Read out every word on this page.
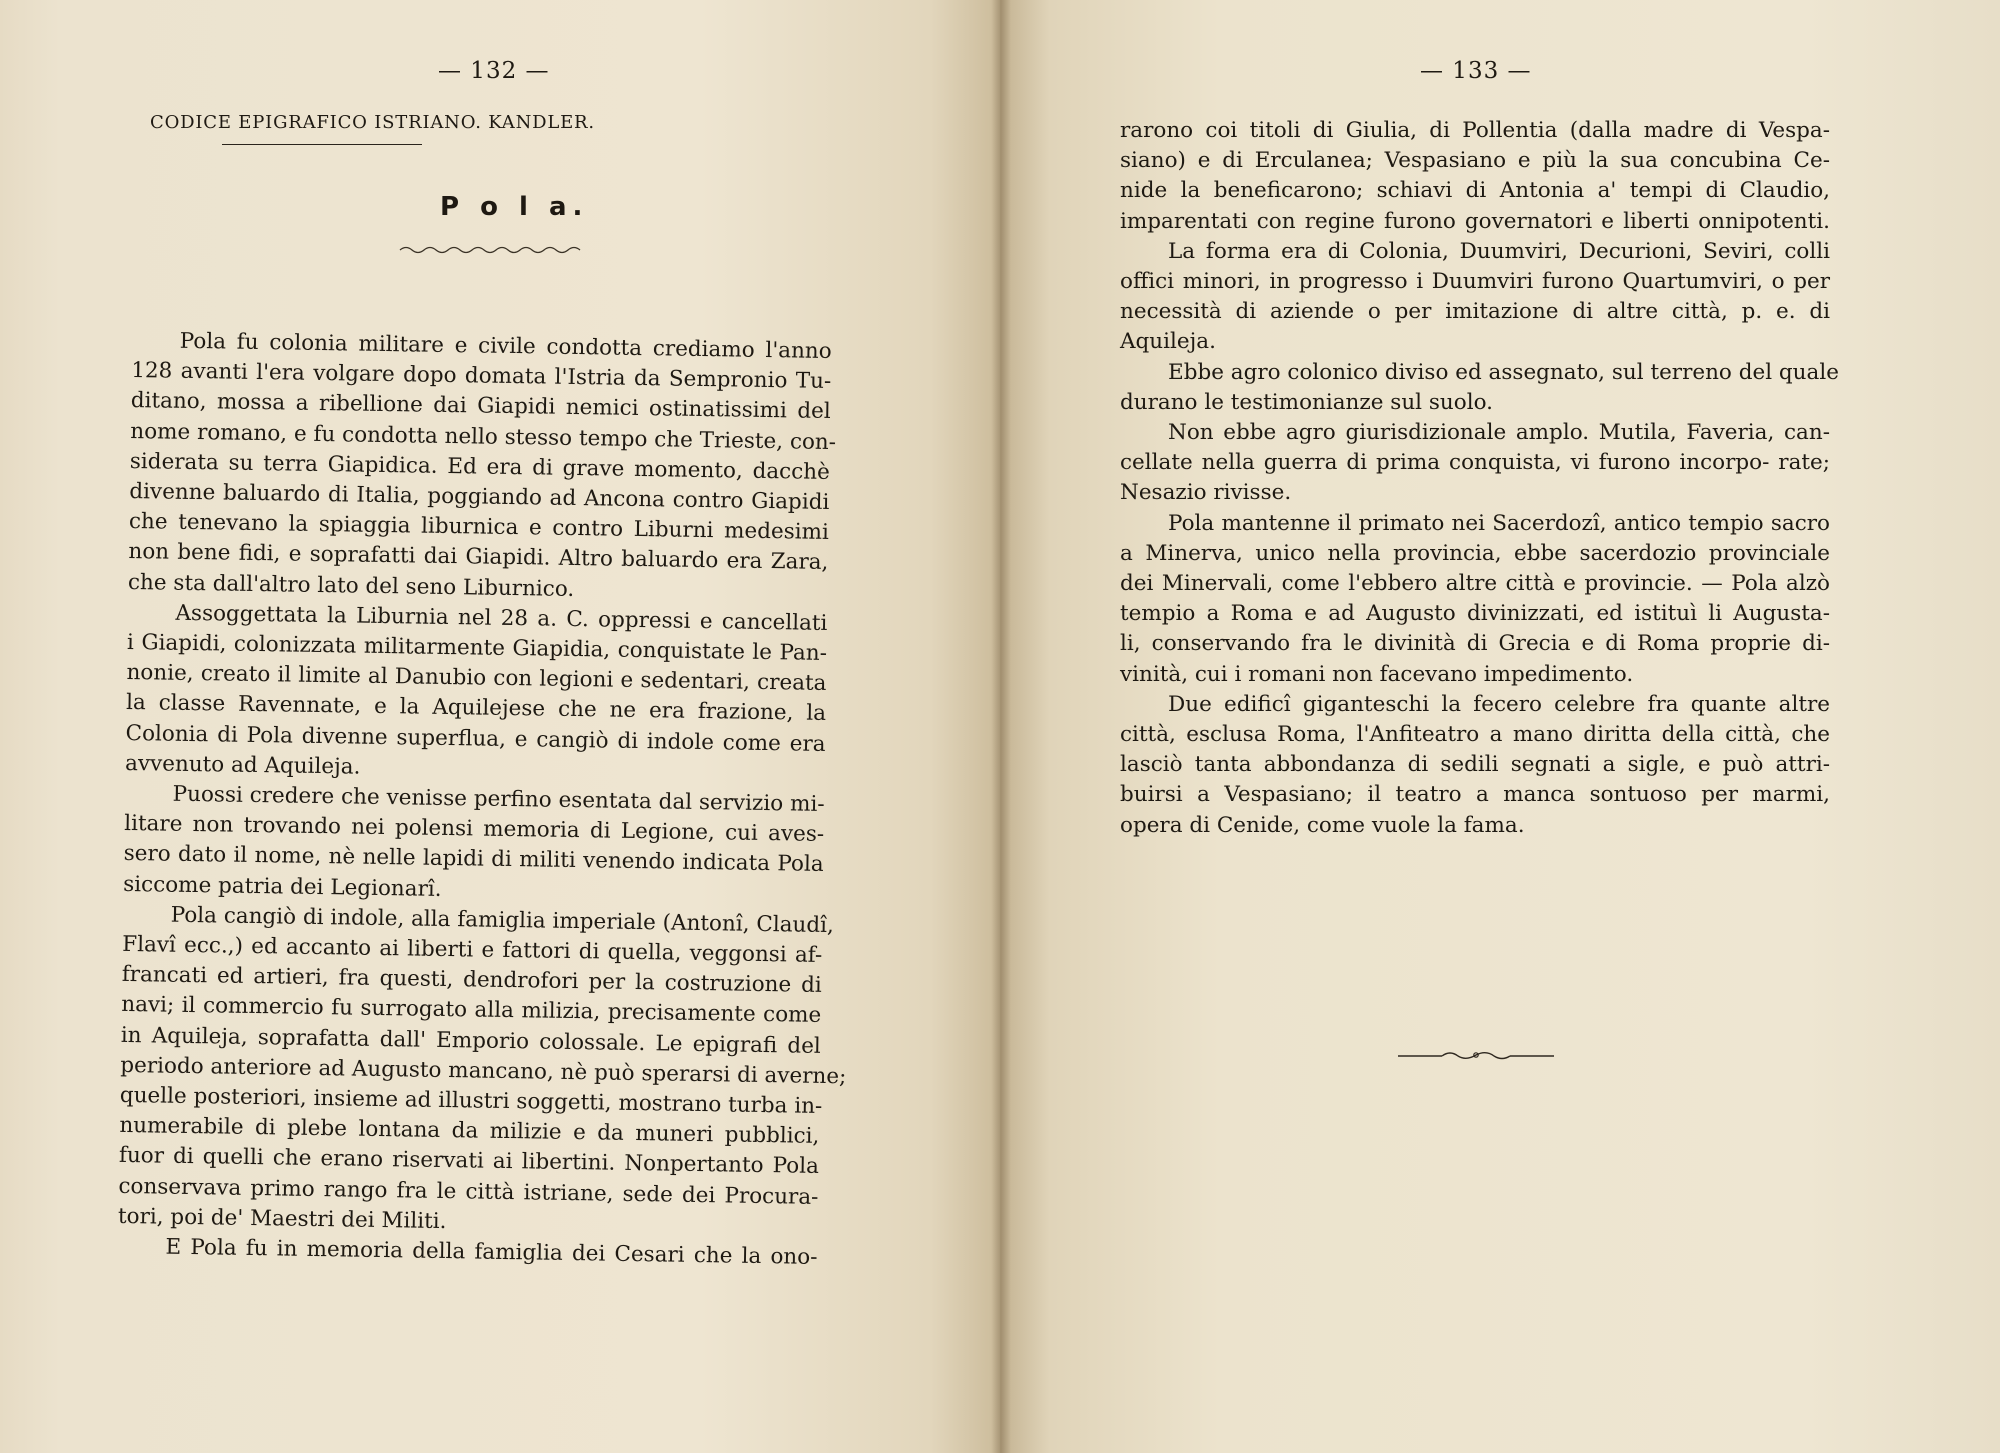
— 132 —
CODICE EPIGRAFICO ISTRIANO. KANDLER.
P o l a.
Pola fu colonia militare e civile condotta crediamo l'anno
128 avanti l'era volgare dopo domata l'Istria da Sempronio Tu-
ditano, mossa a ribellione dai Giapidi nemici ostinatissimi del
nome romano, e fu condotta nello stesso tempo che Trieste, con-
siderata su terra Giapidica. Ed era di grave momento, dacchè
divenne baluardo di Italia, poggiando ad Ancona contro Giapidi
che tenevano la spiaggia liburnica e contro Liburni medesimi
non bene fidi, e soprafatti dai Giapidi. Altro baluardo era Zara,
che sta dall'altro lato del seno Liburnico.
Assoggettata la Liburnia nel 28 a. C. oppressi e cancellati
i Giapidi, colonizzata militarmente Giapidia, conquistate le Pan-
nonie, creato il limite al Danubio con legioni e sedentari, creata
la classe Ravennate, e la Aquilejese che ne era frazione, la
Colonia di Pola divenne superflua, e cangiò di indole come era
avvenuto ad Aquileja.
Puossi credere che venisse perfino esentata dal servizio mi-
litare non trovando nei polensi memoria di Legione, cui aves-
sero dato il nome, nè nelle lapidi di militi venendo indicata Pola
siccome patria dei Legionarî.
Pola cangiò di indole, alla famiglia imperiale (Antonî, Claudî,
Flavî ecc.,) ed accanto ai liberti e fattori di quella, veggonsi af-
francati ed artieri, fra questi, dendrofori per la costruzione di
navi; il commercio fu surrogato alla milizia, precisamente come
in Aquileja, soprafatta dall' Emporio colossale. Le epigrafi del
periodo anteriore ad Augusto mancano, nè può sperarsi di averne;
quelle posteriori, insieme ad illustri soggetti, mostrano turba in-
numerabile di plebe lontana da milizie e da muneri pubblici,
fuor di quelli che erano riservati ai libertini. Nonpertanto Pola
conservava primo rango fra le città istriane, sede dei Procura-
tori, poi de' Maestri dei Militi.
E Pola fu in memoria della famiglia dei Cesari che la ono-
— 133 —
rarono coi titoli di Giulia, di Pollentia (dalla madre di Vespa-
siano) e di Erculanea; Vespasiano e più la sua concubina Ce-
nide la beneficarono; schiavi di Antonia a' tempi di Claudio,
imparentati con regine furono governatori e liberti onnipotenti.
La forma era di Colonia, Duumviri, Decurioni, Seviri, colli
offici minori, in progresso i Duumviri furono Quartumviri, o per
necessità di aziende o per imitazione di altre città, p. e. di
Aquileja.
Ebbe agro colonico diviso ed assegnato, sul terreno del quale
durano le testimonianze sul suolo.
Non ebbe agro giurisdizionale amplo. Mutila, Faveria, can-
cellate nella guerra di prima conquista, vi furono incorpo- rate;
Nesazio rivisse.
Pola mantenne il primato nei Sacerdozî, antico tempio sacro
a Minerva, unico nella provincia, ebbe sacerdozio provinciale
dei Minervali, come l'ebbero altre città e provincie. — Pola alzò
tempio a Roma e ad Augusto divinizzati, ed istituì li Augusta-
li, conservando fra le divinità di Grecia e di Roma proprie di-
vinità, cui i romani non facevano impedimento.
Due edificî giganteschi la fecero celebre fra quante altre
città, esclusa Roma, l'Anfiteatro a mano diritta della città, che
lasciò tanta abbondanza di sedili segnati a sigle, e può attri-
buirsi a Vespasiano; il teatro a manca sontuoso per marmi,
opera di Cenide, come vuole la fama.
